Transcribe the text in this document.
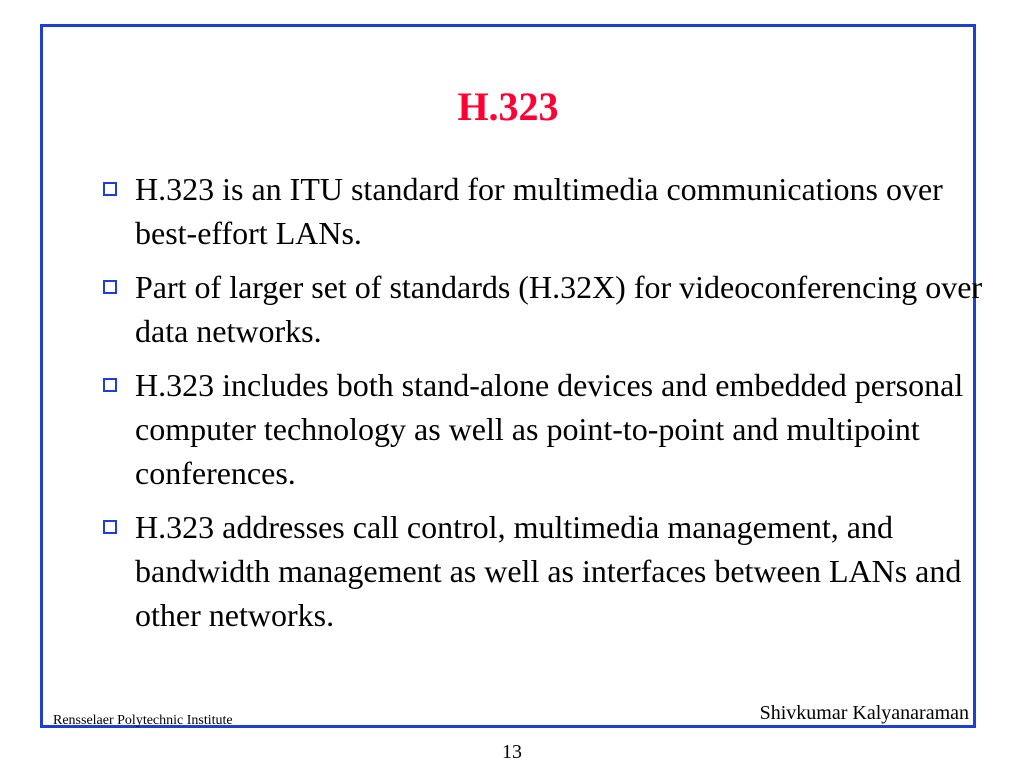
H.323
H.323 is an ITU standard for multimedia communications over best-effort LANs.
Part of larger set of standards (H.32X) for videoconferencing over data networks.
H.323 includes both stand-alone devices and embedded personal computer technology as well as point-to-point and multipoint conferences.
H.323 addresses call control, multimedia management, and bandwidth management as well as interfaces between LANs and other networks.
Rensselaer Polytechnic Institute	Shivkumar Kalyanaraman
13
